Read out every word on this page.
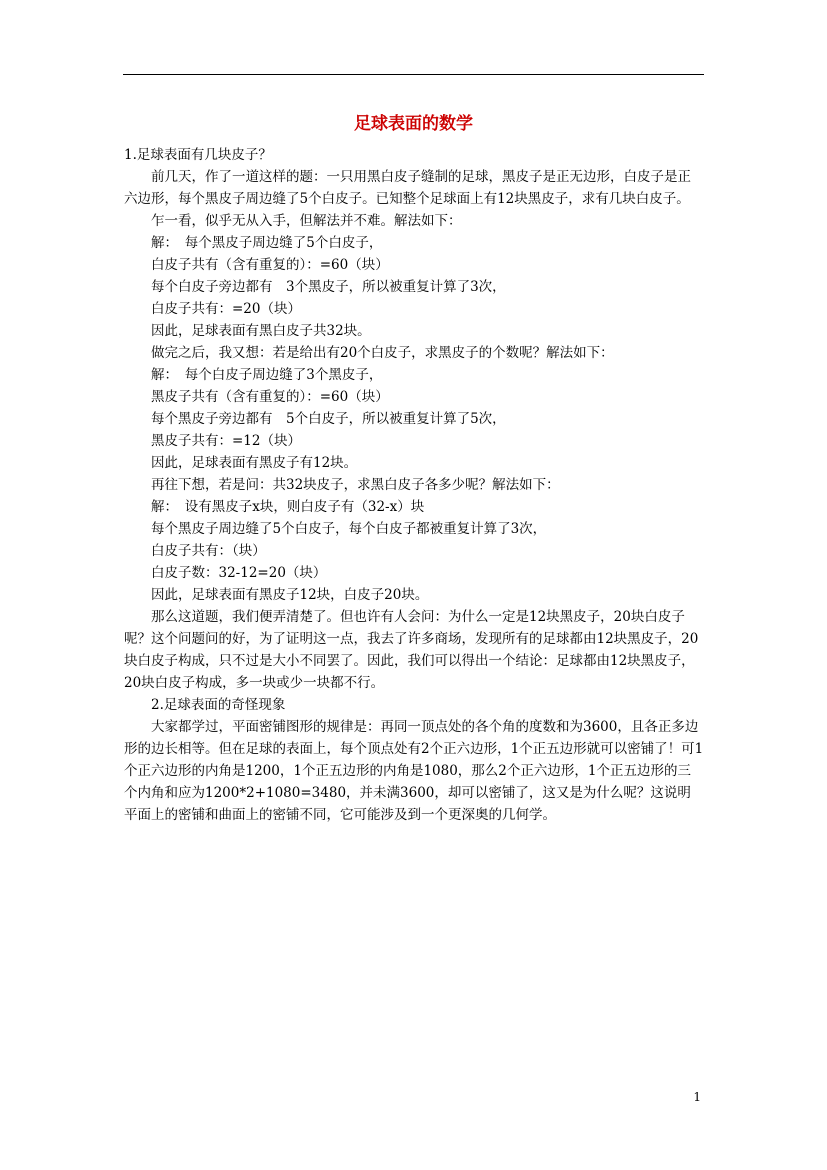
足球表面的数学

1.足球表面有几块皮子？

前几天，作了一道这样的题：一只用黑白皮子缝制的足球，黑皮子是正无边形，白皮子是正六边形，每个黑皮子周边缝了5个白皮子。已知整个足球面上有12块黑皮子，求有几块白皮子。

乍一看，似乎无从入手，但解法并不难。解法如下：

解：　每个黑皮子周边缝了5个白皮子，

白皮子共有（含有重复的）：=60（块）

每个白皮子旁边都有　3个黑皮子，所以被重复计算了3次，

白皮子共有：=20（块）

因此，足球表面有黑白皮子共32块。

做完之后，我又想：若是给出有20个白皮子，求黑皮子的个数呢？解法如下：

解：　每个白皮子周边缝了3个黑皮子，

黑皮子共有（含有重复的）：=60（块）

每个黑皮子旁边都有　5个白皮子，所以被重复计算了5次，

黑皮子共有：=12（块）

因此，足球表面有黑皮子有12块。

再往下想，若是问：共32块皮子，求黑白皮子各多少呢？解法如下：

解：　设有黑皮子x块，则白皮子有（32-x）块

每个黑皮子周边缝了5个白皮子，每个白皮子都被重复计算了3次，

白皮子共有：（块）

白皮子数：32-12=20（块）

因此，足球表面有黑皮子12块，白皮子20块。

那么这道题，我们便弄清楚了。但也许有人会问：为什么一定是12块黑皮子，20块白皮子呢？这个问题问的好，为了证明这一点，我去了许多商场，发现所有的足球都由12块黑皮子，20块白皮子构成，只不过是大小不同罢了。因此，我们可以得出一个结论：足球都由12块黑皮子，20块白皮子构成，多一块或少一块都不行。

2.足球表面的奇怪现象

大家都学过，平面密铺图形的规律是：再同一顶点处的各个角的度数和为3600，且各正多边形的边长相等。但在足球的表面上，每个顶点处有2个正六边形，1个正五边形就可以密铺了！可1个正六边形的内角是1200，1个正五边形的内角是1080，那么2个正六边形，1个正五边形的三个内角和应为1200*2+1080=3480，并未满3600，却可以密铺了，这又是为什么呢？这说明平面上的密铺和曲面上的密铺不同，它可能涉及到一个更深奥的几何学。

1
